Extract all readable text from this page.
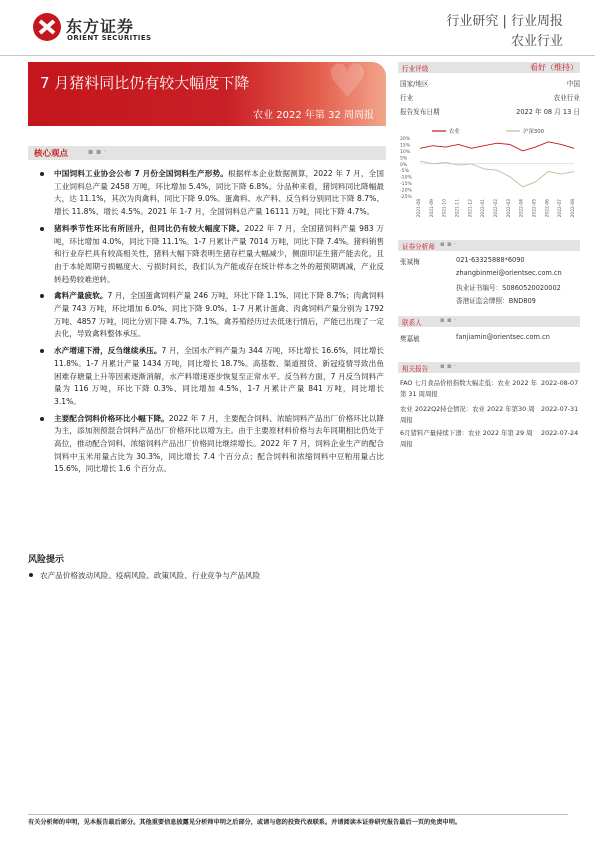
东方证券
ORIENT SECURITIES
行业研究 | 行业周报
农业行业
♥
7 月猪料同比仍有较大幅度下降
农业 2022 年第 32 周周报
核心观点 ▪ ▪ ·
中国饲料工业协会公布 7 月份全国饲料生产形势。根据样本企业数据测算，2022 年 7 月，全国工业饲料总产量 2458 万吨，环比增加 5.4%，同比下降 6.8%。分品种来看，猪饲料同比降幅最大，达 11.1%，其次为肉禽料，同比下降 9.0%。蛋禽料、水产料、反刍料分别同比下降 8.7%、增长 11.8%、增长 4.5%。2021 年 1-7 月，全国饲料总产量 16111 万吨，同比下降 4.7%。
猪料季节性环比有所回升，但同比仍有较大幅度下降。2022 年 7 月，全国猪饲料产量 983 万吨，环比增加 4.0%，同比下降 11.1%。1-7 月累计产量 7014 万吨，同比下降 7.4%。猪料销售和行业存栏具有较高相关性，猪料大幅下降表明生猪存栏量大幅减少，侧面印证生猪产能去化，且由于本轮周期亏损幅度大、亏损时间长，我们认为产能或存在统计样本之外的超预期调减，产业反转趋势较难逆转。
禽料产量疲软。7 月，全国蛋禽饲料产量 246 万吨，环比下降 1.1%、同比下降 8.7%；肉禽饲料产量 743 万吨，环比增加 6.0%、同比下降 9.0%。1-7 月累计蛋禽、肉禽饲料产量分别为 1792 万吨、4857 万吨，同比分别下降 4.7%、7.1%。禽养殖经历过去低迷行情后，产能已出现了一定去化，导致禽料整体承压。
水产增速下滑，反刍继续承压。7 月，全国水产料产量为 344 万吨，环比增长 16.6%，同比增长 11.8%。1-7 月累计产量 1434 万吨，同比增长 18.7%。高基数、渠道囤货、新冠疫情导致出鱼困难存塘量上升等因素逐渐消解，水产料增速逐步恢复至正常水平。反刍料方面，7 月反刍饲料产量为 116 万吨，环比下降 0.3%、同比增加 4.5%，1-7 月累计产量 841 万吨，同比增长 3.1%。
主要配合饲料价格环比小幅下降。2022 年 7 月，主要配合饲料、浓缩饲料产品出厂价格环比以降为主，添加剂预混合饲料产品出厂价格环比以增为主。由于主要原材料价格与去年同期相比仍处于高位，推动配合饲料、浓缩饲料产品出厂价格同比继续增长。2022 年 7 月，饲料企业生产的配合饲料中玉米用量占比为 30.3%，同比增长 7.4 个百分点；配合饲料和浓缩饲料中豆粕用量占比 15.6%，同比增长 1.6 个百分点。
风险提示
农产品价格波动风险、疫病风险、政策风险、行业竞争与产品风险
行业评级	看好（维持）
国家/地区	中国
行业	农业行业
报告发布日期	2022 年 08 月 13 日
20%
15%
10%
5%
0%
-5%
-10%
-15%
-20%
-25%
2021-08 2021-09 2021-10 2021-11 2021-12 2022-01 2022-02 2022-03 2022-04 2022-05 2022-06 2022-07 2022-08
农业	沪深300
证券分析师 ▪ ▪ ·
张斌梅	021-63325888*6090
zhangbinmei@orientsec.com.cn
执业证书编号：S0860520020002
香港证监会牌照：BND809
联系人	▪ ▪ ·
樊嘉敏	fanjiamin@orientsec.com.cn
相关报告 ▪ ▪ ·
FAO 七月食品价格指数大幅走低：农业 2022 年第 31 周周报
2022-08-07
农业 2022Q2持仓情况：农业 2022 年第30 周周报
2022-07-31
6月猪料产量持续下滑：农业 2022 年第 29 周周报
2022-07-24
有关分析师的申明，见本报告最后部分。其他重要信息披露见分析师申明之后部分，或请与您的投资代表联系。并请阅读本证券研究报告最后一页的免责申明。
